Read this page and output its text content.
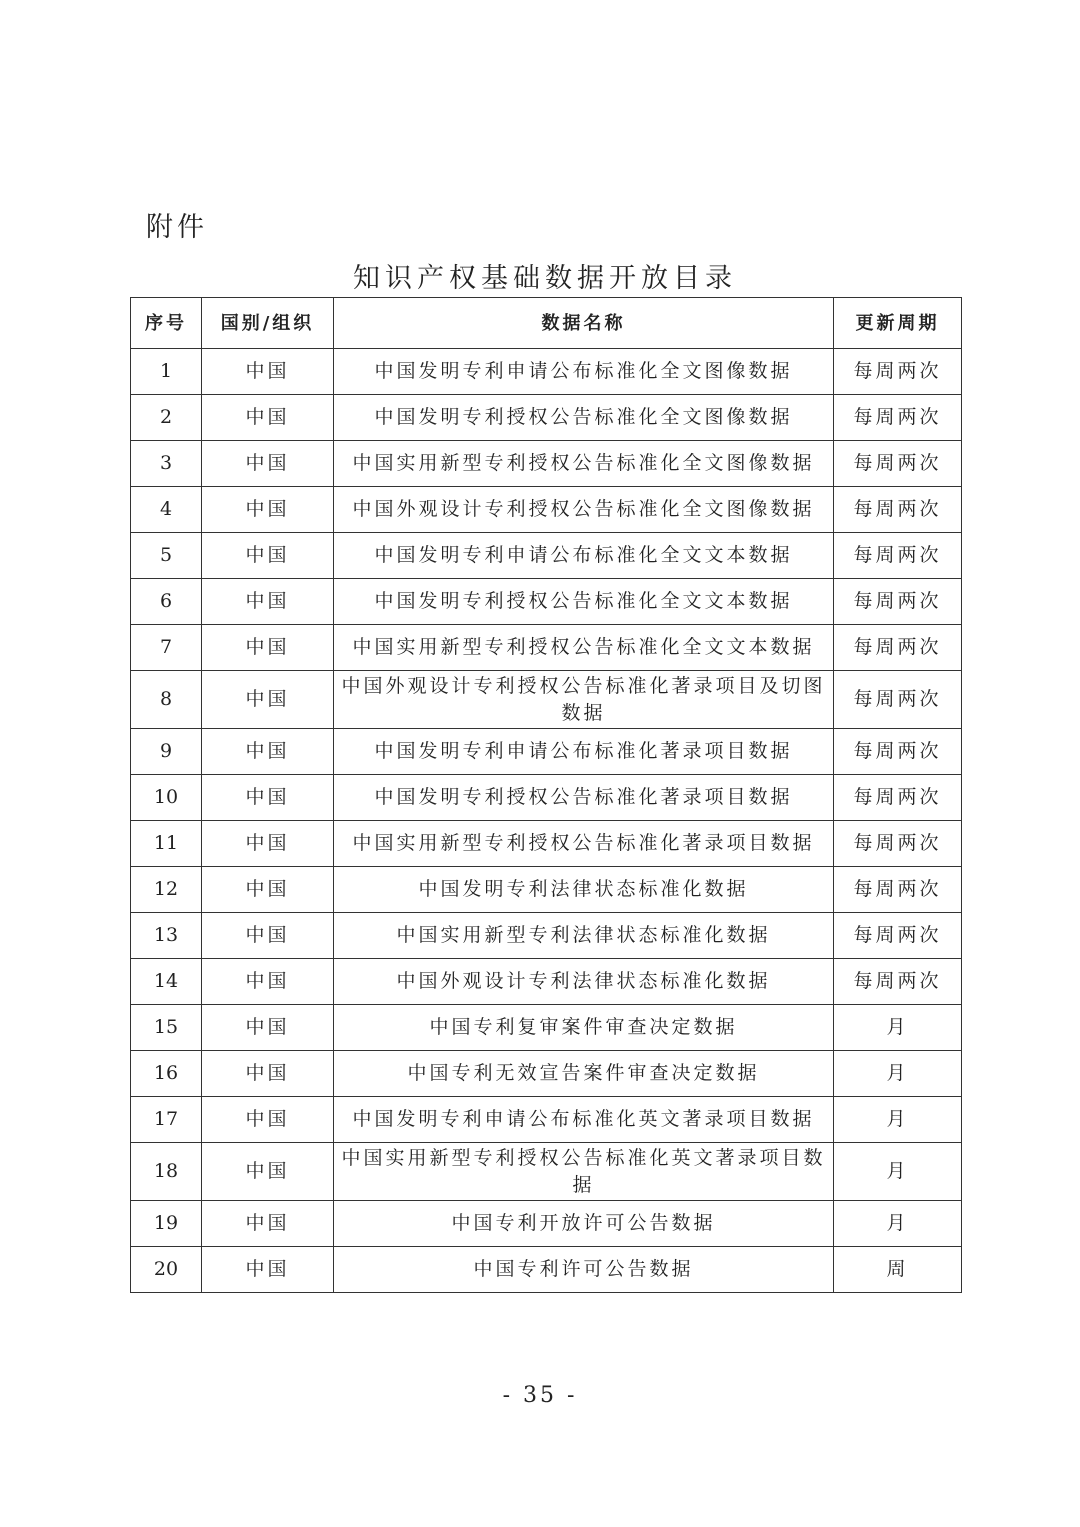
附件
知识产权基础数据开放目录
序号	国别/组织	数据名称	更新周期
1	中国	中国发明专利申请公布标准化全文图像数据	每周两次
2	中国	中国发明专利授权公告标准化全文图像数据	每周两次
3	中国	中国实用新型专利授权公告标准化全文图像数据	每周两次
4	中国	中国外观设计专利授权公告标准化全文图像数据	每周两次
5	中国	中国发明专利申请公布标准化全文文本数据	每周两次
6	中国	中国发明专利授权公告标准化全文文本数据	每周两次
7	中国	中国实用新型专利授权公告标准化全文文本数据	每周两次
8	中国	中国外观设计专利授权公告标准化著录项目及切图数据	每周两次
9	中国	中国发明专利申请公布标准化著录项目数据	每周两次
10	中国	中国发明专利授权公告标准化著录项目数据	每周两次
11	中国	中国实用新型专利授权公告标准化著录项目数据	每周两次
12	中国	中国发明专利法律状态标准化数据	每周两次
13	中国	中国实用新型专利法律状态标准化数据	每周两次
14	中国	中国外观设计专利法律状态标准化数据	每周两次
15	中国	中国专利复审案件审查决定数据	月
16	中国	中国专利无效宣告案件审查决定数据	月
17	中国	中国发明专利申请公布标准化英文著录项目数据	月
18	中国	中国实用新型专利授权公告标准化英文著录项目数据	月
19	中国	中国专利开放许可公告数据	月
20	中国	中国专利许可公告数据	周
- 35 -
